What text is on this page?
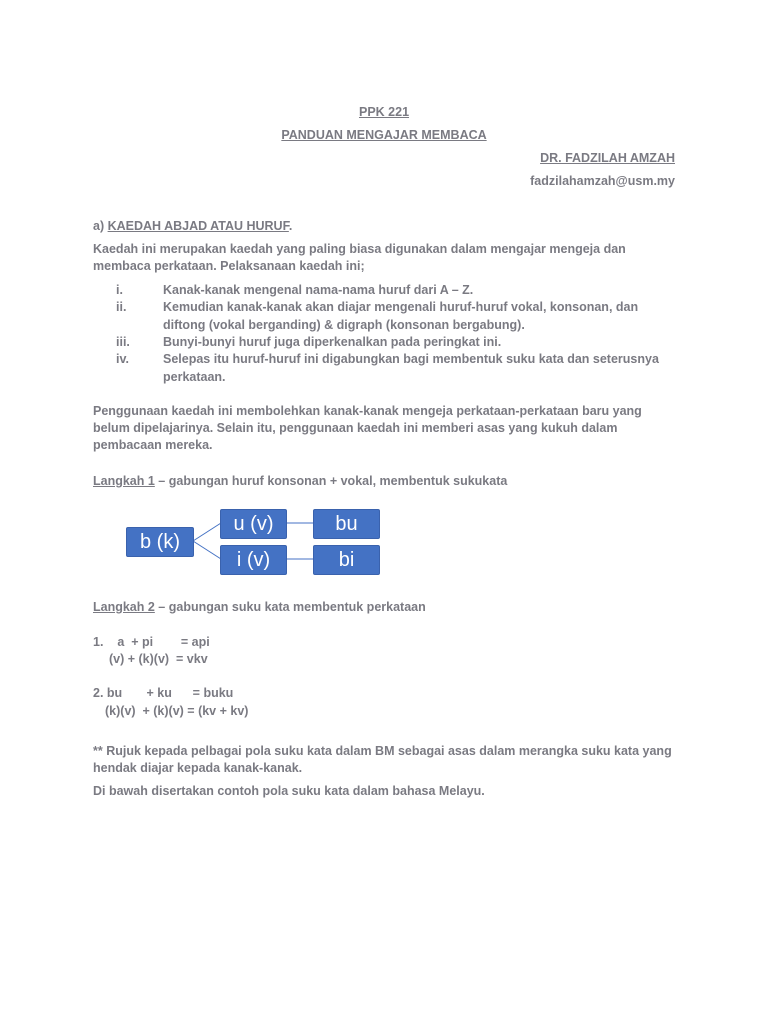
PPK 221
PANDUAN MENGAJAR MEMBACA
DR. FADZILAH AMZAH
fadzilahamzah@usm.my
a) KAEDAH ABJAD ATAU HURUF.
Kaedah ini merupakan kaedah yang paling biasa digunakan dalam mengajar mengeja dan
membaca perkataan. Pelaksanaan kaedah ini;
i.	Kanak-kanak mengenal nama-nama huruf dari A – Z.
ii.	Kemudian kanak-kanak akan diajar mengenali huruf-huruf vokal, konsonan, dan diftong (vokal berganding) & digraph (konsonan bergabung).
iii.	Bunyi-bunyi huruf juga diperkenalkan pada peringkat ini.
iv.	Selepas itu huruf-huruf ini digabungkan bagi membentuk suku kata dan seterusnya perkataan.
Penggunaan kaedah ini membolehkan kanak-kanak mengeja perkataan-perkataan baru yang
belum dipelajarinya. Selain itu, penggunaan kaedah ini memberi asas yang kukuh dalam
pembacaan mereka.
Langkah 1 – gabungan huruf konsonan + vokal, membentuk sukukata
b (k)
u (v)
i (v)
bu
bi
Langkah 2 – gabungan suku kata membentuk perkataan
1.    a  + pi        = api
(v) + (k)(v)  = vkv
2. bu       + ku      = buku
(k)(v)  + (k)(v) = (kv + kv)
** Rujuk kepada pelbagai pola suku kata dalam BM sebagai asas dalam merangka suku kata yang
hendak diajar kepada kanak-kanak.
Di bawah disertakan contoh pola suku kata dalam bahasa Melayu.
